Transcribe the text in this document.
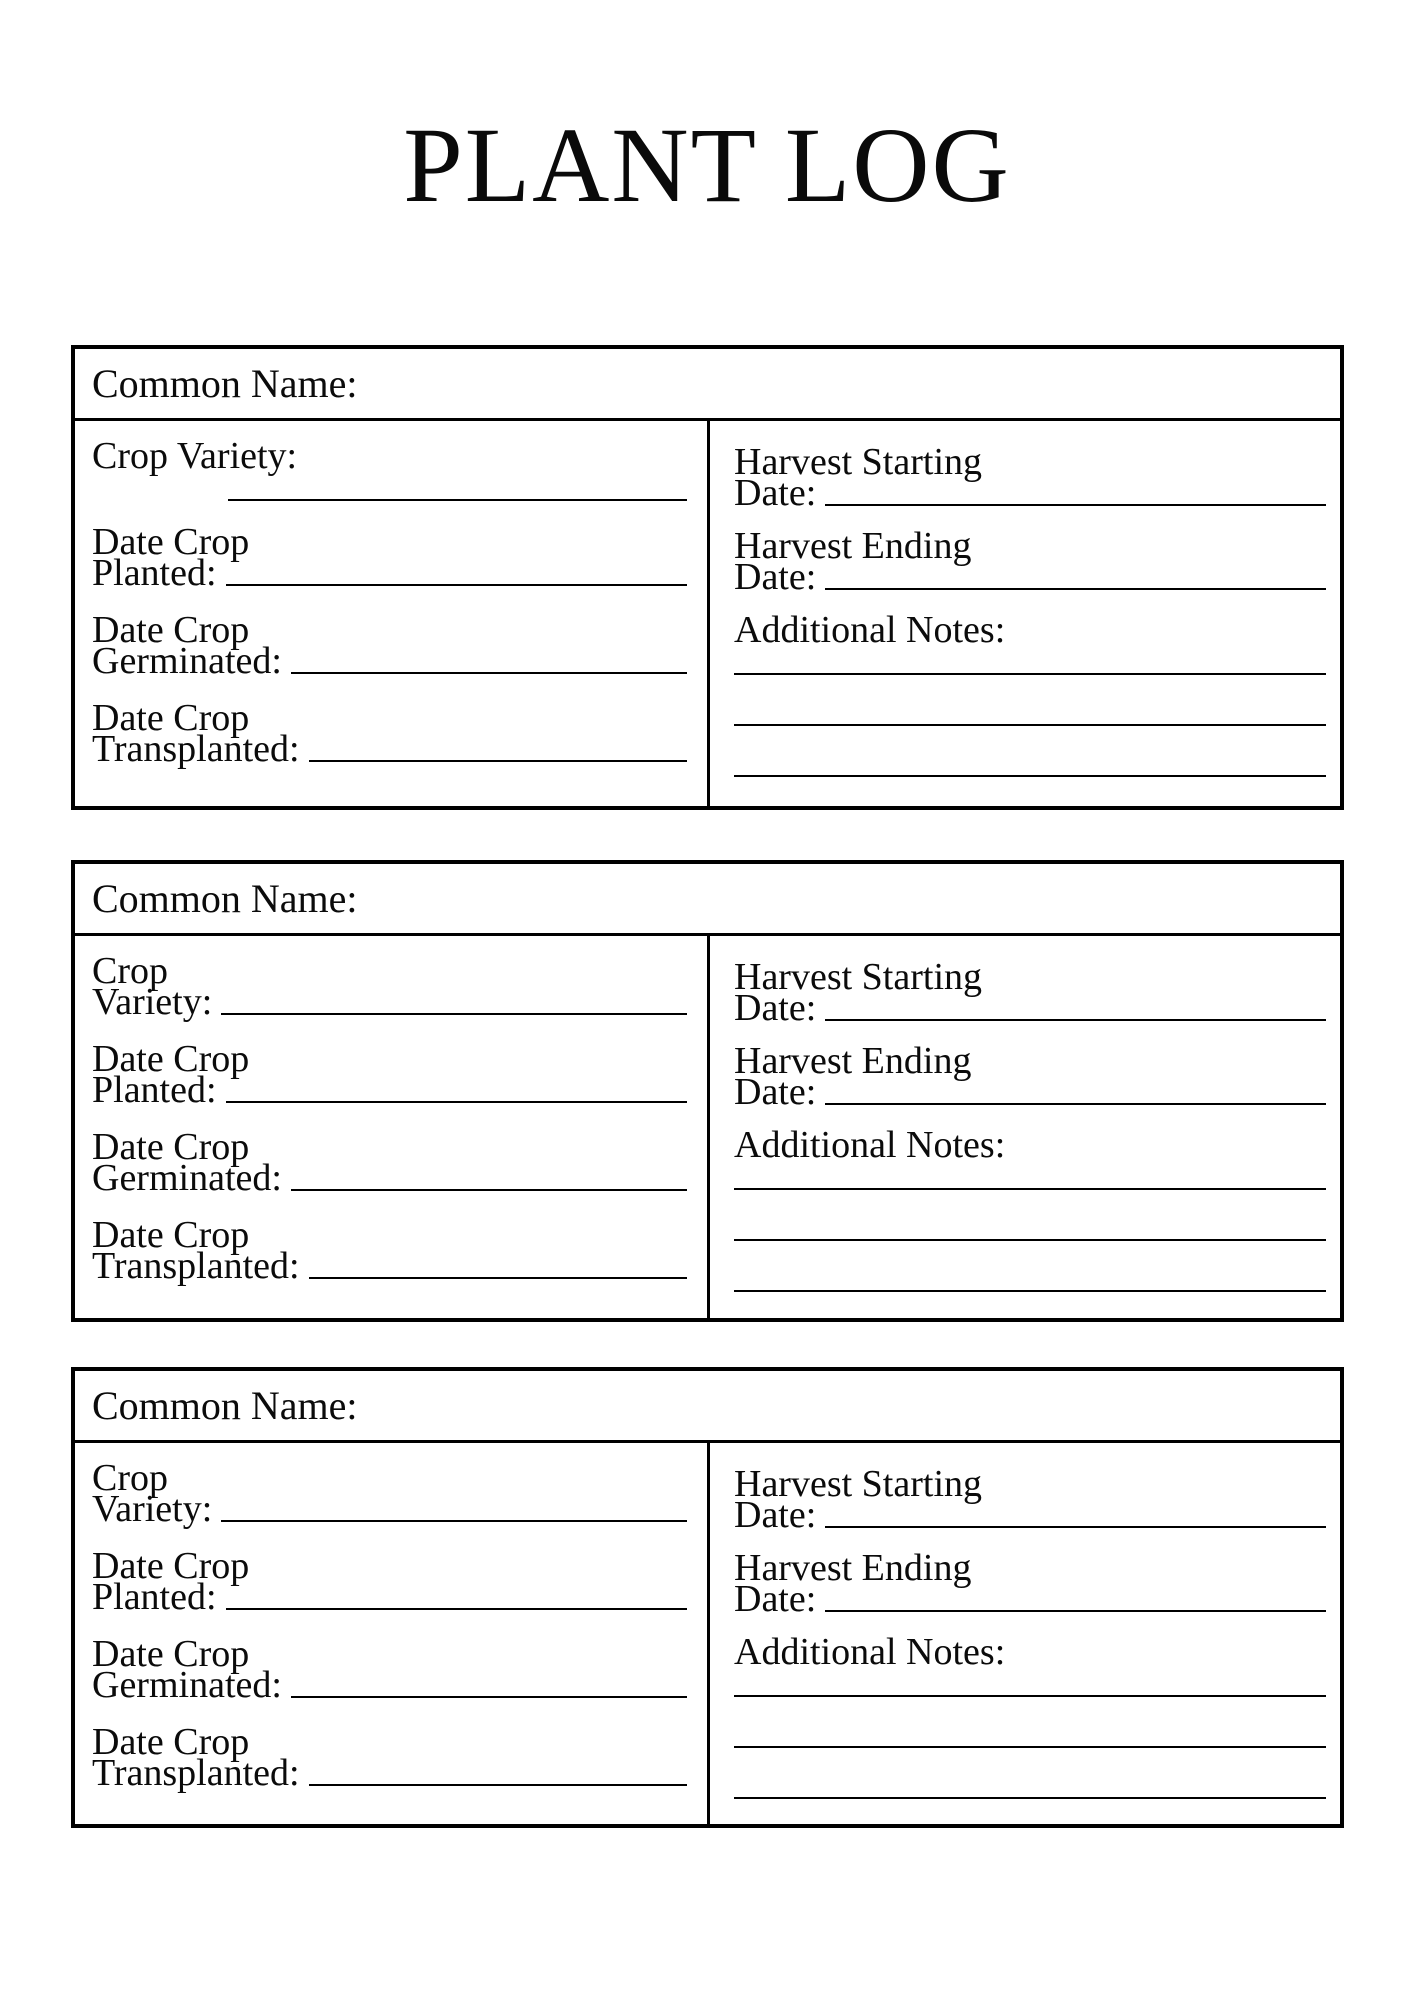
PLANT LOG
Common Name:
Crop Variety:
Date Crop
Planted:
Date Crop
Germinated:
Date Crop
Transplanted:
Harvest Starting
Date:
Harvest Ending
Date:
Additional Notes:
Common Name:
Crop
Variety:
Date Crop
Planted:
Date Crop
Germinated:
Date Crop
Transplanted:
Harvest Starting
Date:
Harvest Ending
Date:
Additional Notes:
Common Name:
Crop
Variety:
Date Crop
Planted:
Date Crop
Germinated:
Date Crop
Transplanted:
Harvest Starting
Date:
Harvest Ending
Date:
Additional Notes:
